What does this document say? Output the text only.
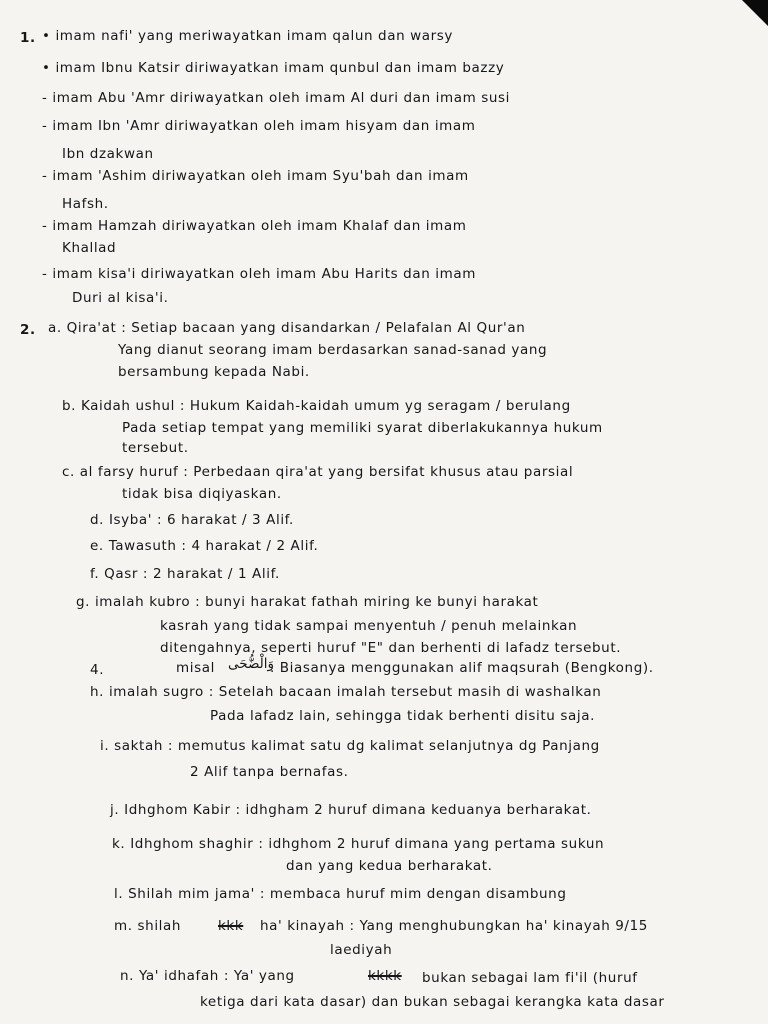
1. • imam nafi' yang meriwayatkan imam qalun dan warsy
• imam Ibnu Katsir diriwayatkan imam qunbul dan imam bazzy
- imam Abu 'Amr diriwayatkan oleh imam Al duri dan imam susi
- imam Ibn 'Amr diriwayatkan oleh imam hisyam dan imam
Ibn dzakwan
- imam 'Ashim diriwayatkan oleh imam Syu'bah dan imam
Hafsh.
- imam Hamzah diriwayatkan oleh imam Khalaf dan imam
Khallad
- imam kisa'i diriwayatkan oleh imam Abu Harits dan imam
Duri al kisa'i.
2. a. Qira'at : Setiap bacaan yang disandarkan / Pelafalan Al Qur'an
Yang dianut seorang imam berdasarkan sanad-sanad yang
bersambung kepada Nabi.
b. Kaidah ushul : Hukum Kaidah-kaidah umum yg seragam / berulang
Pada setiap tempat yang memiliki syarat diberlakukannya hukum
tersebut.
c. al farsy huruf : Perbedaan qira'at yang bersifat khusus atau parsial
tidak bisa diqiyaskan.
d. Isyba' : 6 harakat / 3 Alif.
e. Tawasuth : 4 harakat / 2 Alif.
f. Qasr : 2 harakat / 1 Alif.
g. imalah kubro : bunyi harakat fathah miring ke bunyi harakat
kasrah yang tidak sampai menyentuh / penuh melainkan
ditengahnya, seperti huruf "E" dan berhenti di lafadz tersebut.
4.	misal وَالْضُّحَى
. Biasanya menggunakan alif maqsurah (Bengkong).
h. imalah sugro : Setelah bacaan imalah tersebut masih di washalkan
Pada lafadz lain, sehingga tidak berhenti disitu saja.
i. saktah : memutus kalimat satu dg kalimat selanjutnya dg Panjang
2 Alif tanpa bernafas.
j. Idhghom Kabir : idhgham 2 huruf dimana keduanya berharakat.
k. Idhghom shaghir : idhghom 2 huruf dimana yang pertama sukun
dan yang kedua berharakat.
l. Shilah mim jama' : membaca huruf mim dengan disambung
m. shilah	kkk ha' kinayah : Yang menghubungkan ha' kinayah 9/15
laediyah
n. Ya' idhafah : Ya' yang	kkkk bukan sebagai lam fi'il (huruf
ketiga dari kata dasar) dan bukan sebagai kerangka kata dasar
